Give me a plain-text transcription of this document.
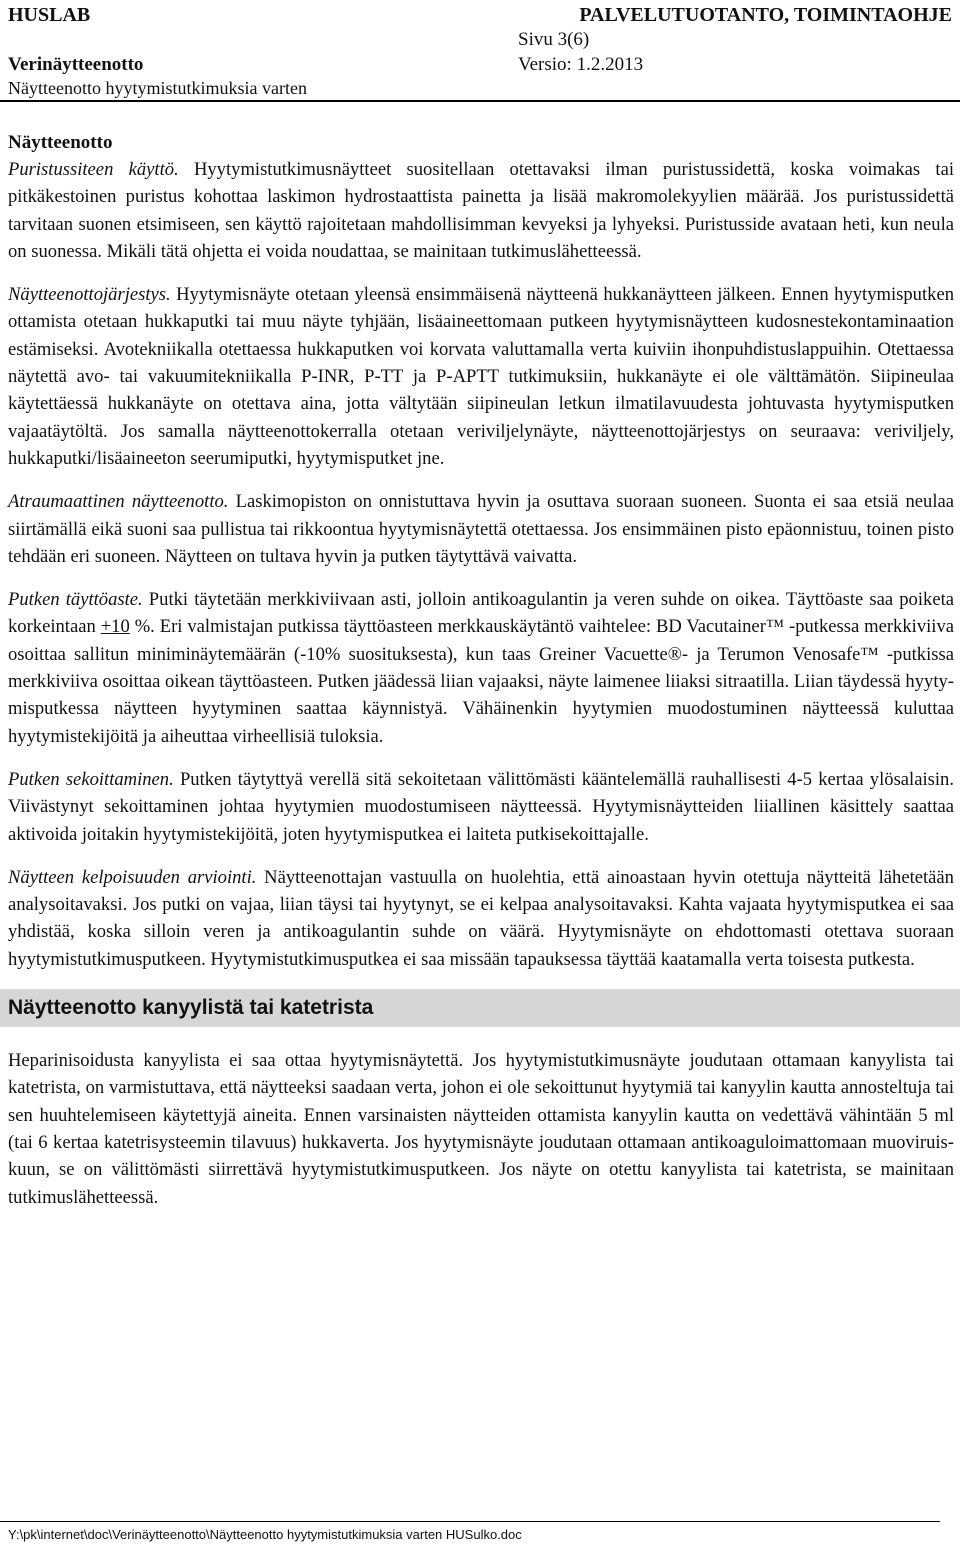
HUSLAB	PALVELUTUOTANTO, TOIMINTAOHJE
Sivu 3(6)
Verinäytteenotto	Versio: 1.2.2013
Näytteenotto hyytymistutkimuksia varten
Näytteenotto

Puristussiteen käyttö. Hyytymistutkimusnäytteet suositellaan otettavaksi ilman puristussidettä, koska voimakas tai pitkäkestoinen puristus kohottaa laskimon hydrostaattista painetta ja lisää makromolekyylien määrää. Jos puristussidettä tarvitaan suonen etsimiseen, sen käyttö rajoitetaan mahdollisimman kevyeksi ja lyhyeksi. Puristusside avataan heti, kun neula on suonessa. Mikäli tätä ohjetta ei voida noudattaa, se mainitaan tutkimuslähetteessä.

Näytteenottojärjestys. Hyytymisnäyte otetaan yleensä ensimmäisenä näytteenä hukkanäytteen jälkeen. Ennen hyytymisputken ottamista otetaan hukkaputki tai muu näyte tyhjään, lisäaineettomaan putkeen hyytymisnäytteen kudosnestekontaminaation estämiseksi. Avotekniikalla otettaessa hukkaputken voi korvata valuttamalla verta kuiviin ihonpuhdistuslappuihin. Otettaessa näytettä avo- tai vakuumitekniikalla P-INR, P-TT ja P-APTT tutkimuksiin, hukkanäyte ei ole välttämätön. Siipineulaa käytettäessä hukkanäyte on otettava aina, jotta vältytään siipineulan letkun ilmatilavuudesta johtuvasta hyytymisputken vajaatäytöltä. Jos samalla näytteenottokerralla otetaan veriviljelynäyte, näytteenottojärjestys on seuraava: veriviljely, hukkaputki/lisäaineeton seerumiputki, hyytymisputket jne.

Atraumaattinen näytteenotto. Laskimopiston on onnistuttava hyvin ja osuttava suoraan suoneen. Suonta ei saa etsiä neulaa siirtämällä eikä suoni saa pullistua tai rikkoontua hyytymisnäytettä otettaessa. Jos ensimmäinen pisto epäonnistuu, toinen pisto tehdään eri suoneen. Näytteen on tultava hyvin ja putken täytyttävä vaivatta.

Putken täyttöaste. Putki täytetään merkkiviivaan asti, jolloin antikoagulantin ja veren suhde on oikea. Täyttöaste saa poiketa korkeintaan +10 %. Eri valmistajan putkissa täyttöasteen merkkauskäytäntö vaihtelee: BD Vacutainer™ -putkessa merkkiviiva osoittaa sallitun miniminäytemäärän (-10% suosituksesta), kun taas Greiner Vacuette®- ja Terumon Venosafe™ -putkissa merkkiviiva osoittaa oikean täyttöasteen. Putken jäädessä liian vajaaksi, näyte laimenee liiaksi sitraatilla. Liian täydessä hyytymisputkessa näytteen hyytyminen saattaa käynnistyä. Vähäinenkin hyytymien muodostuminen näytteessä kuluttaa hyytymistekijöitä ja aiheuttaa virheellisiä tuloksia.

Putken sekoittaminen. Putken täytyttyä verellä sitä sekoitetaan välittömästi kääntelemällä rauhallisesti 4-5 kertaa ylösalaisin. Viivästynyt sekoittaminen johtaa hyytymien muodostumiseen näytteessä. Hyytymisnäytteiden liiallinen käsittely saattaa aktivoida joitakin hyytymistekijöitä, joten hyytymisputkea ei laiteta putkisekoittajalle.

Näytteen kelpoisuuden arviointi. Näytteenottajan vastuulla on huolehtia, että ainoastaan hyvin otettuja näytteitä lähetetään analysoitavaksi. Jos putki on vajaa, liian täysi tai hyytynyt, se ei kelpaa analysoitavaksi. Kahta vajaata hyytymisputkea ei saa yhdistää, koska silloin veren ja antikoagulantin suhde on väärä. Hyytymisnäyte on ehdottomasti otettava suoraan hyytymistutkimusputkeen. Hyytymistutkimusputkea ei saa missään tapauksessa täyttää kaatamalla verta toisesta putkesta.

Näytteenotto kanyylistä tai katetrista

Heparinisoidusta kanyylista ei saa ottaa hyytymisnäytettä. Jos hyytymistutkimusnäyte joudutaan ottamaan kanyylista tai katetrista, on varmistuttava, että näytteeksi saadaan verta, johon ei ole sekoittunut hyytymiä tai kanyylin kautta annosteltuja tai sen huuhtelemiseen käytettyjä aineita. Ennen varsinaisten näytteiden ottamista kanyylin kautta on vedettävä vähintään 5 ml (tai 6 kertaa katetrisysteemin tilavuus) hukkaverta. Jos hyytymisnäyte joudutaan ottamaan antikoaguloimattomaan muoviruiskuun, se on välittömästi siirrettävä hyytymistutkimusputkeen. Jos näyte on otettu kanyylista tai katetrista, se mainitaan tutkimuslähetteessä.

Y:\pk\internet\doc\Verinäytteenotto\Näytteenotto hyytymistutkimuksia varten HUSulko.doc
